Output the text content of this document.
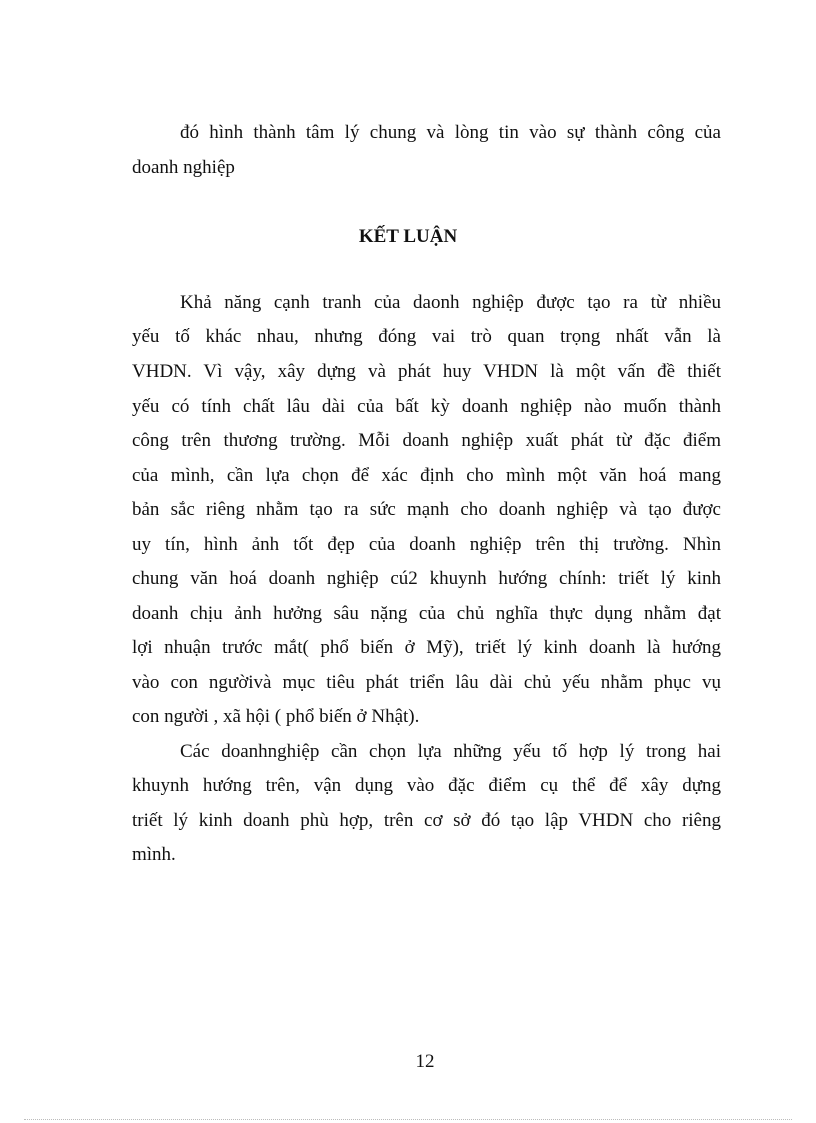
đó hình thành tâm lý chung và lòng tin vào sự thành công của
doanh nghiệp
KẾT LUẬN
Khả năng cạnh tranh của daonh nghiệp được tạo ra từ nhiều
yếu tố khác nhau, nhưng đóng vai trò quan trọng nhất vẫn là
VHDN. Vì vậy, xây dựng và phát huy VHDN là một vấn đề thiết
yếu có tính chất lâu dài của bất kỳ doanh nghiệp nào muốn thành
công trên thương trường. Mỗi doanh nghiệp xuất phát từ đặc điểm
của mình, cần lựa chọn để xác định cho mình một văn hoá mang
bản sắc riêng nhằm tạo ra sức mạnh cho doanh nghiệp và tạo được
uy tín, hình ảnh tốt đẹp của doanh nghiệp trên thị trường. Nhìn
chung văn hoá doanh nghiệp cú2 khuynh hướng chính: triết lý kinh
doanh chịu ảnh hưởng sâu nặng của chủ nghĩa thực dụng nhằm đạt
lợi nhuận trước mắt( phổ biến ở Mỹ), triết lý kinh doanh là hướng
vào con ngườivà mục tiêu phát triển lâu dài chủ yếu nhằm phục vụ
con người , xã hội ( phổ biến ở Nhật).
Các doanhnghiệp cần chọn lựa những yếu tố hợp lý trong hai
khuynh hướng trên, vận dụng vào đặc điểm cụ thể để xây dựng
triết lý kinh doanh phù hợp, trên cơ sở đó tạo lập VHDN cho riêng
mình.
12
